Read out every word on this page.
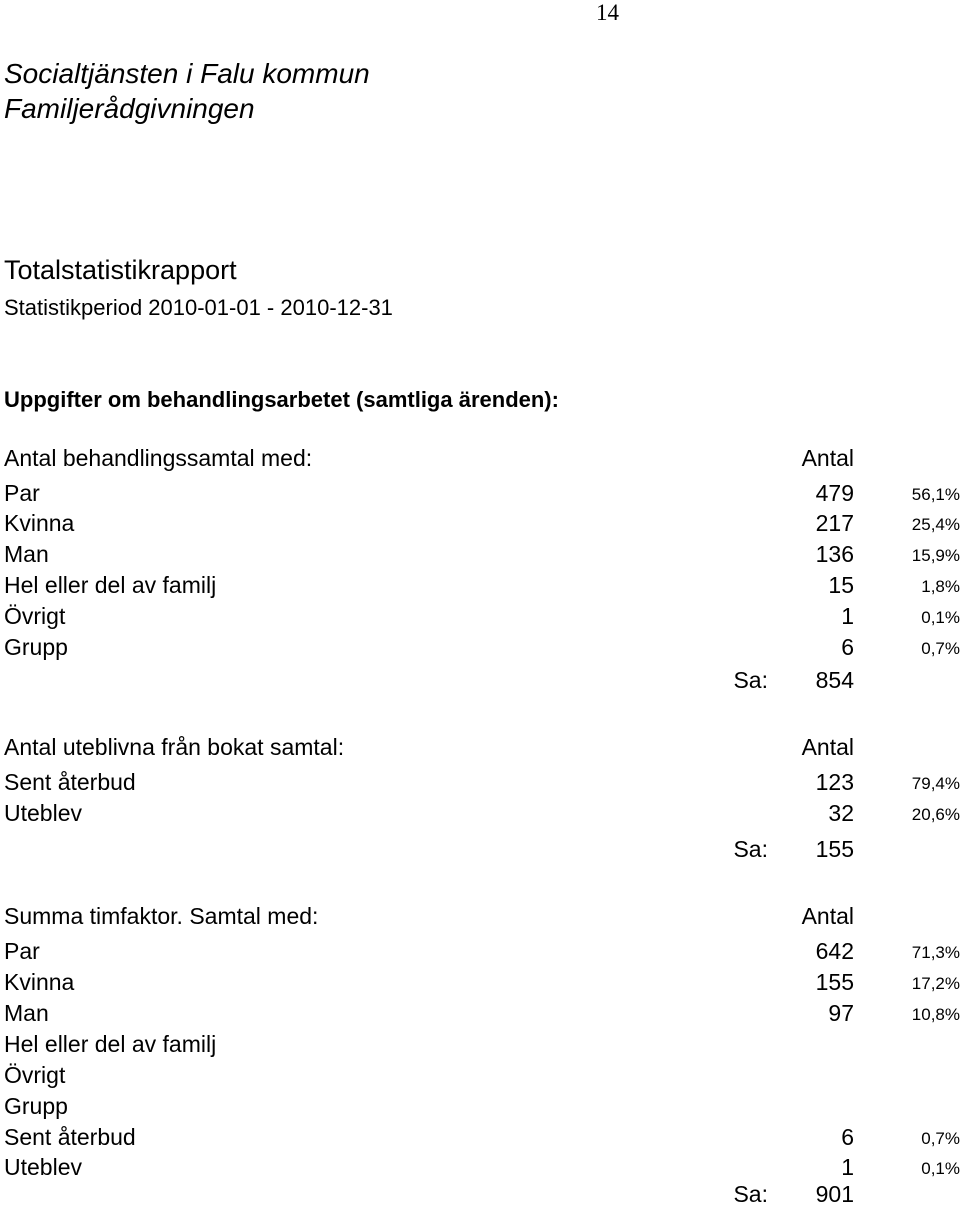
14
Socialtjänsten i Falu kommun
Familjerådgivningen
Totalstatistikrapport
Statistikperiod 2010-01-01 - 2010-12-31
Uppgifter om behandlingsarbetet (samtliga ärenden):
Antal behandlingssamtal med:	Antal
Par	479	56,1%
Kvinna	217	25,4%
Man	136	15,9%
Hel eller del av familj	15	1,8%
Övrigt	1	0,1%
Grupp	6	0,7%
Sa: 854
Antal uteblivna från bokat samtal:	Antal
Sent återbud	123	79,4%
Uteblev	32	20,6%
Sa: 155
Summa timfaktor. Samtal med:	Antal
Par	642	71,3%
Kvinna	155	17,2%
Man	97	10,8%
Hel eller del av familj
Övrigt
Grupp
Sent återbud	6	0,7%
Uteblev	1	0,1%
Sa: 901
